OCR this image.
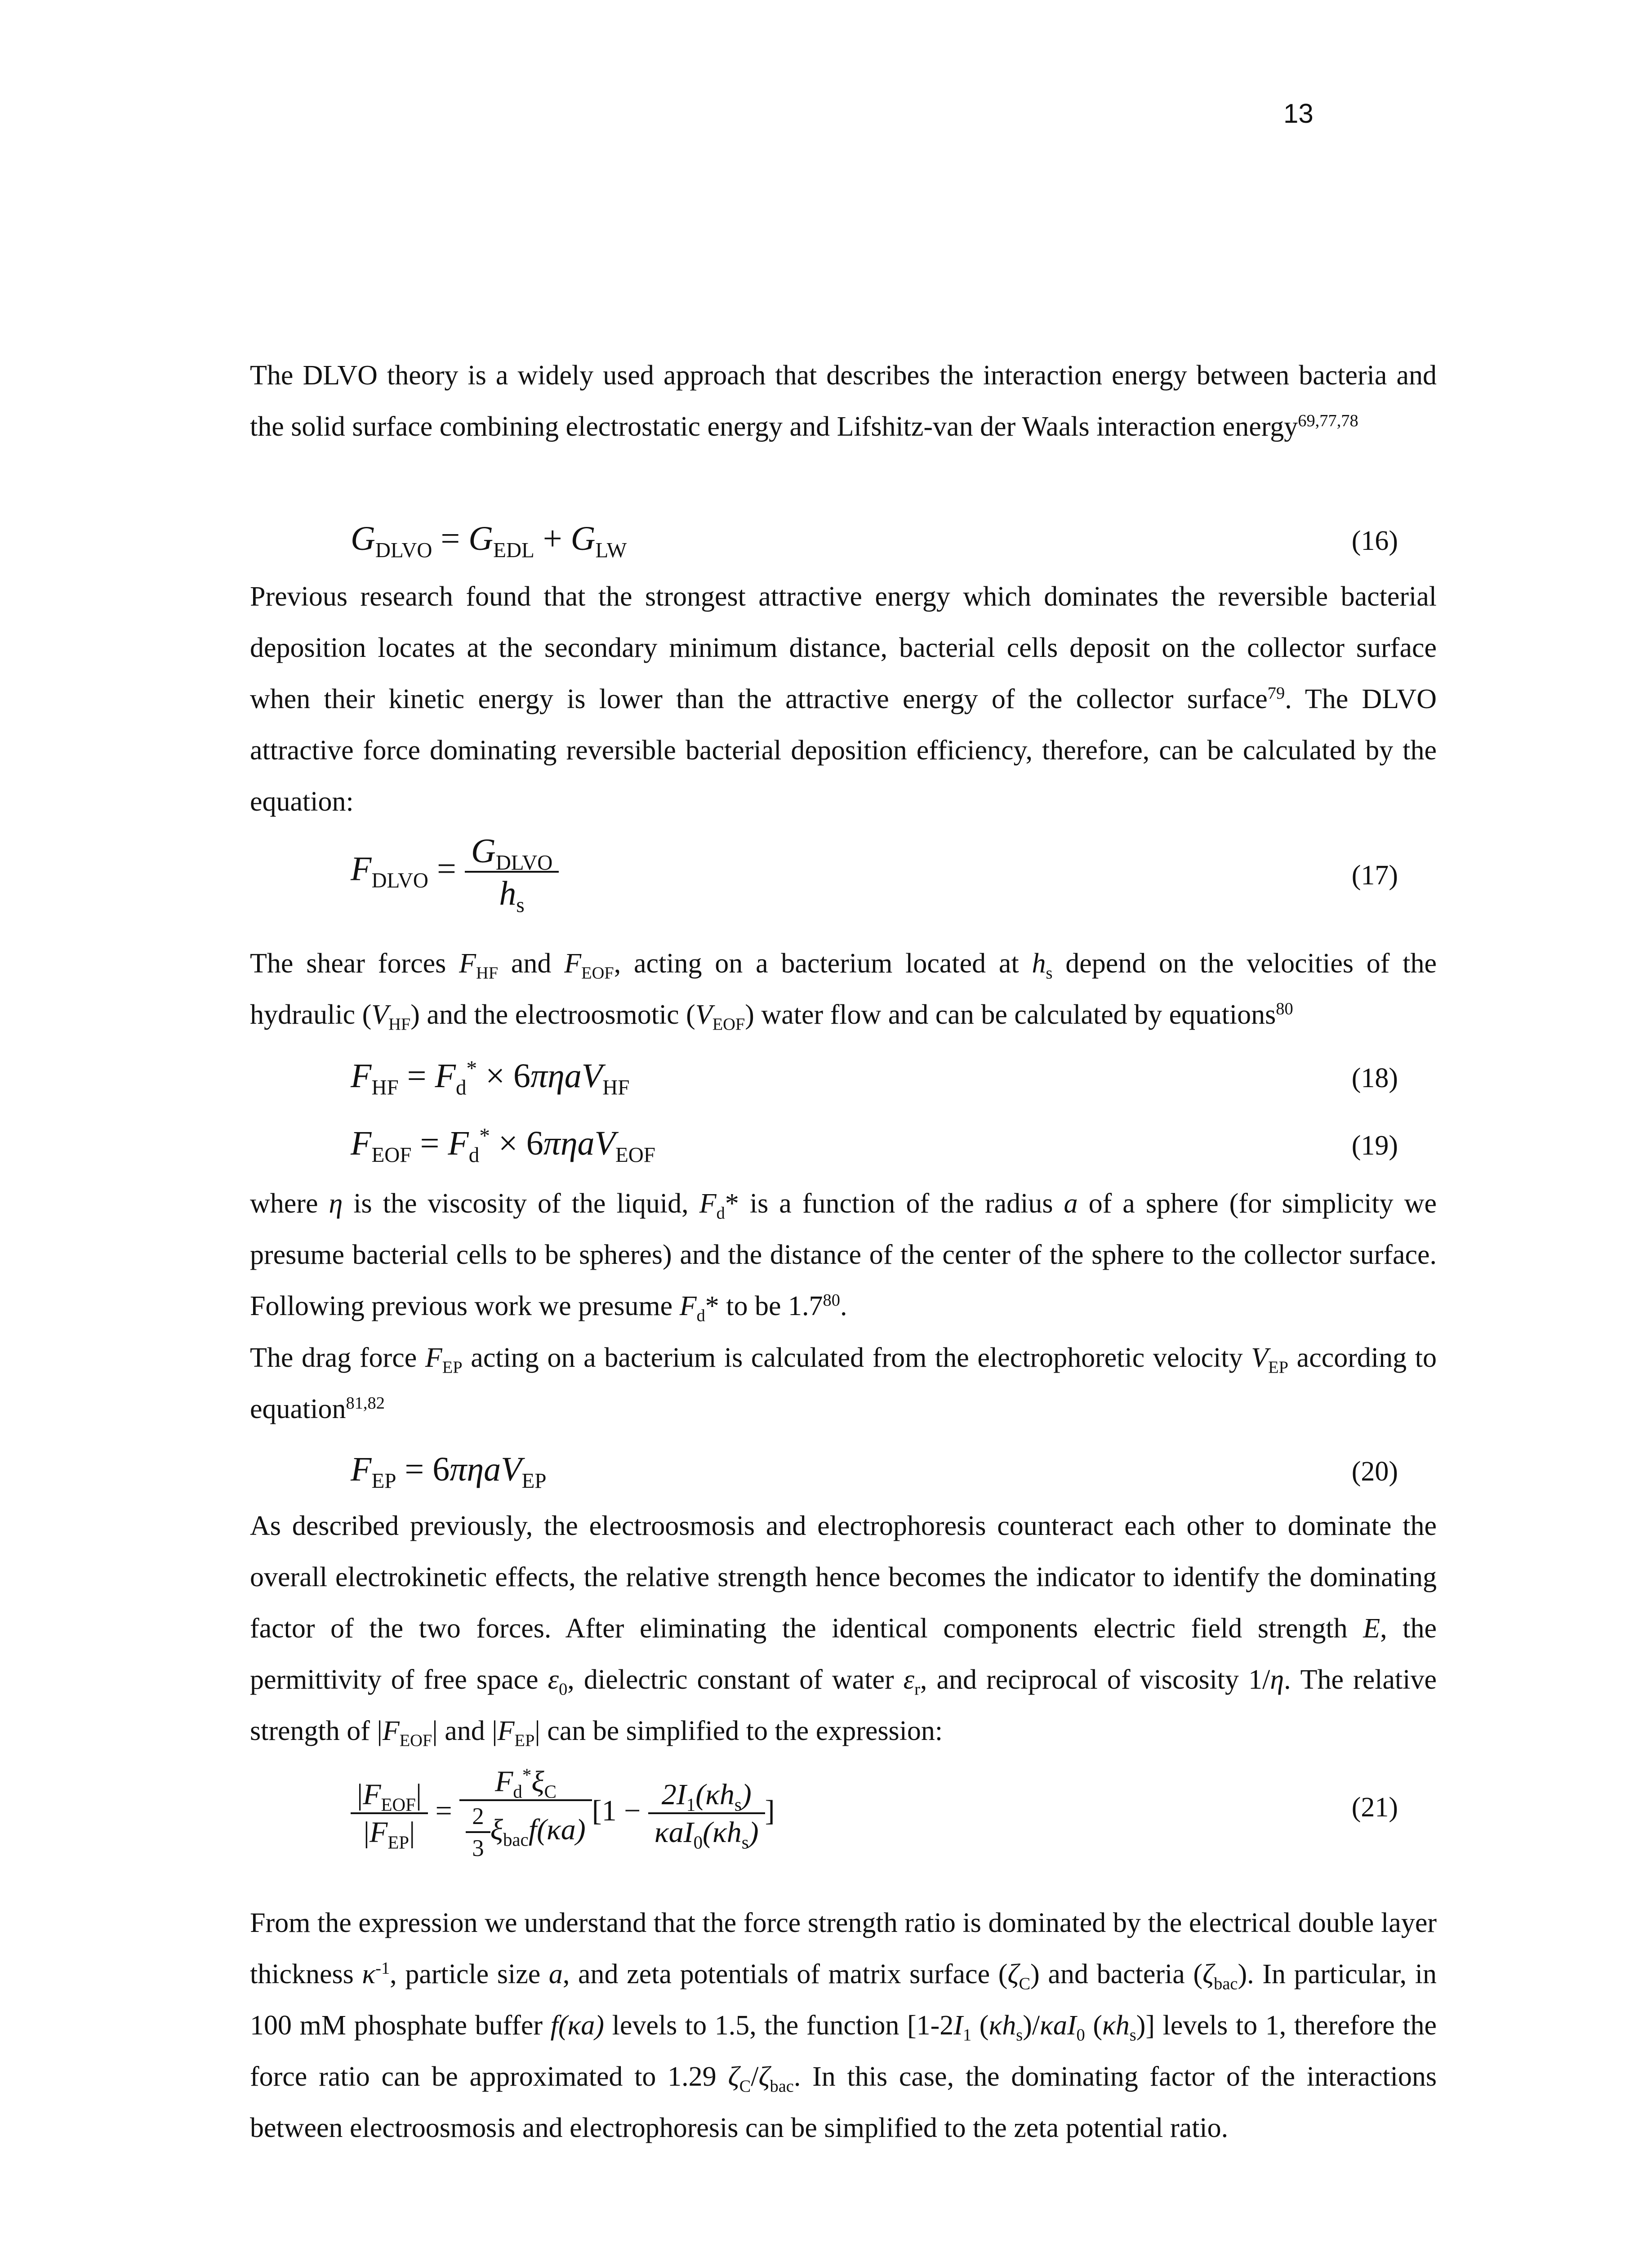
13

The DLVO theory is a widely used approach that describes the interaction energy between bacteria and the solid surface combining electrostatic energy and Lifshitz-van der Waals interaction energy$^{69,77,78}$

$G_{DLVO} = G_{EDL} + G_{LW}$	(16)

Previous research found that the strongest attractive energy which dominates the reversible bacterial deposition locates at the secondary minimum distance, bacterial cells deposit on the collector surface when their kinetic energy is lower than the attractive energy of the collector surface$^{79}$. The DLVO attractive force dominating reversible bacterial deposition efficiency, therefore, can be calculated by the equation:

$F_{DLVO} = \frac{G_{DLVO}}{h_s}$	(17)

The shear forces $F_{HF}$ and $F_{EOF}$, acting on a bacterium located at $h_s$ depend on the velocities of the hydraulic $(V_{HF})$ and the electroosmotic $(V_{EOF})$ water flow and can be calculated by equations$^{80}$

$F_{HF} = F_d^* \times 6\pi\eta aV_{HF}$	(18)
$F_{EOF} = F_d^* \times 6\pi\eta aV_{EOF}$	(19)

where η is the viscosity of the liquid, $F_d*$ is a function of the radius a of a sphere (for simplicity we presume bacterial cells to be spheres) and the distance of the center of the sphere to the collector surface. Following previous work we presume $F_d*$ to be $1.7^{80}$.

The drag force $F_{EP}$ acting on a bacterium is calculated from the electrophoretic velocity $V_{EP}$ according to equation$^{81,82}$

$F_{EP} = 6\pi\eta aV_{EP}$	(20)

As described previously, the electroosmosis and electrophoresis counteract each other to dominate the overall electrokinetic effects, the relative strength hence becomes the indicator to identify the dominating factor of the two forces. After eliminating the identical components electric field strength E, the permittivity of free space $\varepsilon_0$, dielectric constant of water $\varepsilon_r$, and reciprocal of viscosity 1/η. The relative strength of $|F_{EOF}|$ and $|F_{EP}|$ can be simplified to the expression:

$\frac{|F_{EOF}|}{|F_{EP}|} = \frac{F_d^*\xi_C}{\frac{2}{3} \xi_{bac}f(\kappa a)} [1 - \frac{2I_1(\kappa h_s)}{\kappa aI_0(\kappa h_s)}$ ]	(21)

From the expression we understand that the force strength ratio is dominated by the electrical double layer thickness $\kappa^{-1}$, particle size a, and zeta potentials of matrix surface $(\zeta_C)$ and bacteria $(\zeta_{bac})$. In particular, in 100 mM phosphate buffer f(κa) levels to 1.5, the function [$1-2I_1$ $(\kappa h_s)/\kappa aI_0$ $(\kappa h_s)$] levels to 1, therefore the force ratio can be approximated to 1.29 $\zeta_C/\zeta_{bac}$. In this case, the dominating factor of the interactions between electroosmosis and electrophoresis can be simplified to the zeta potential ratio.
